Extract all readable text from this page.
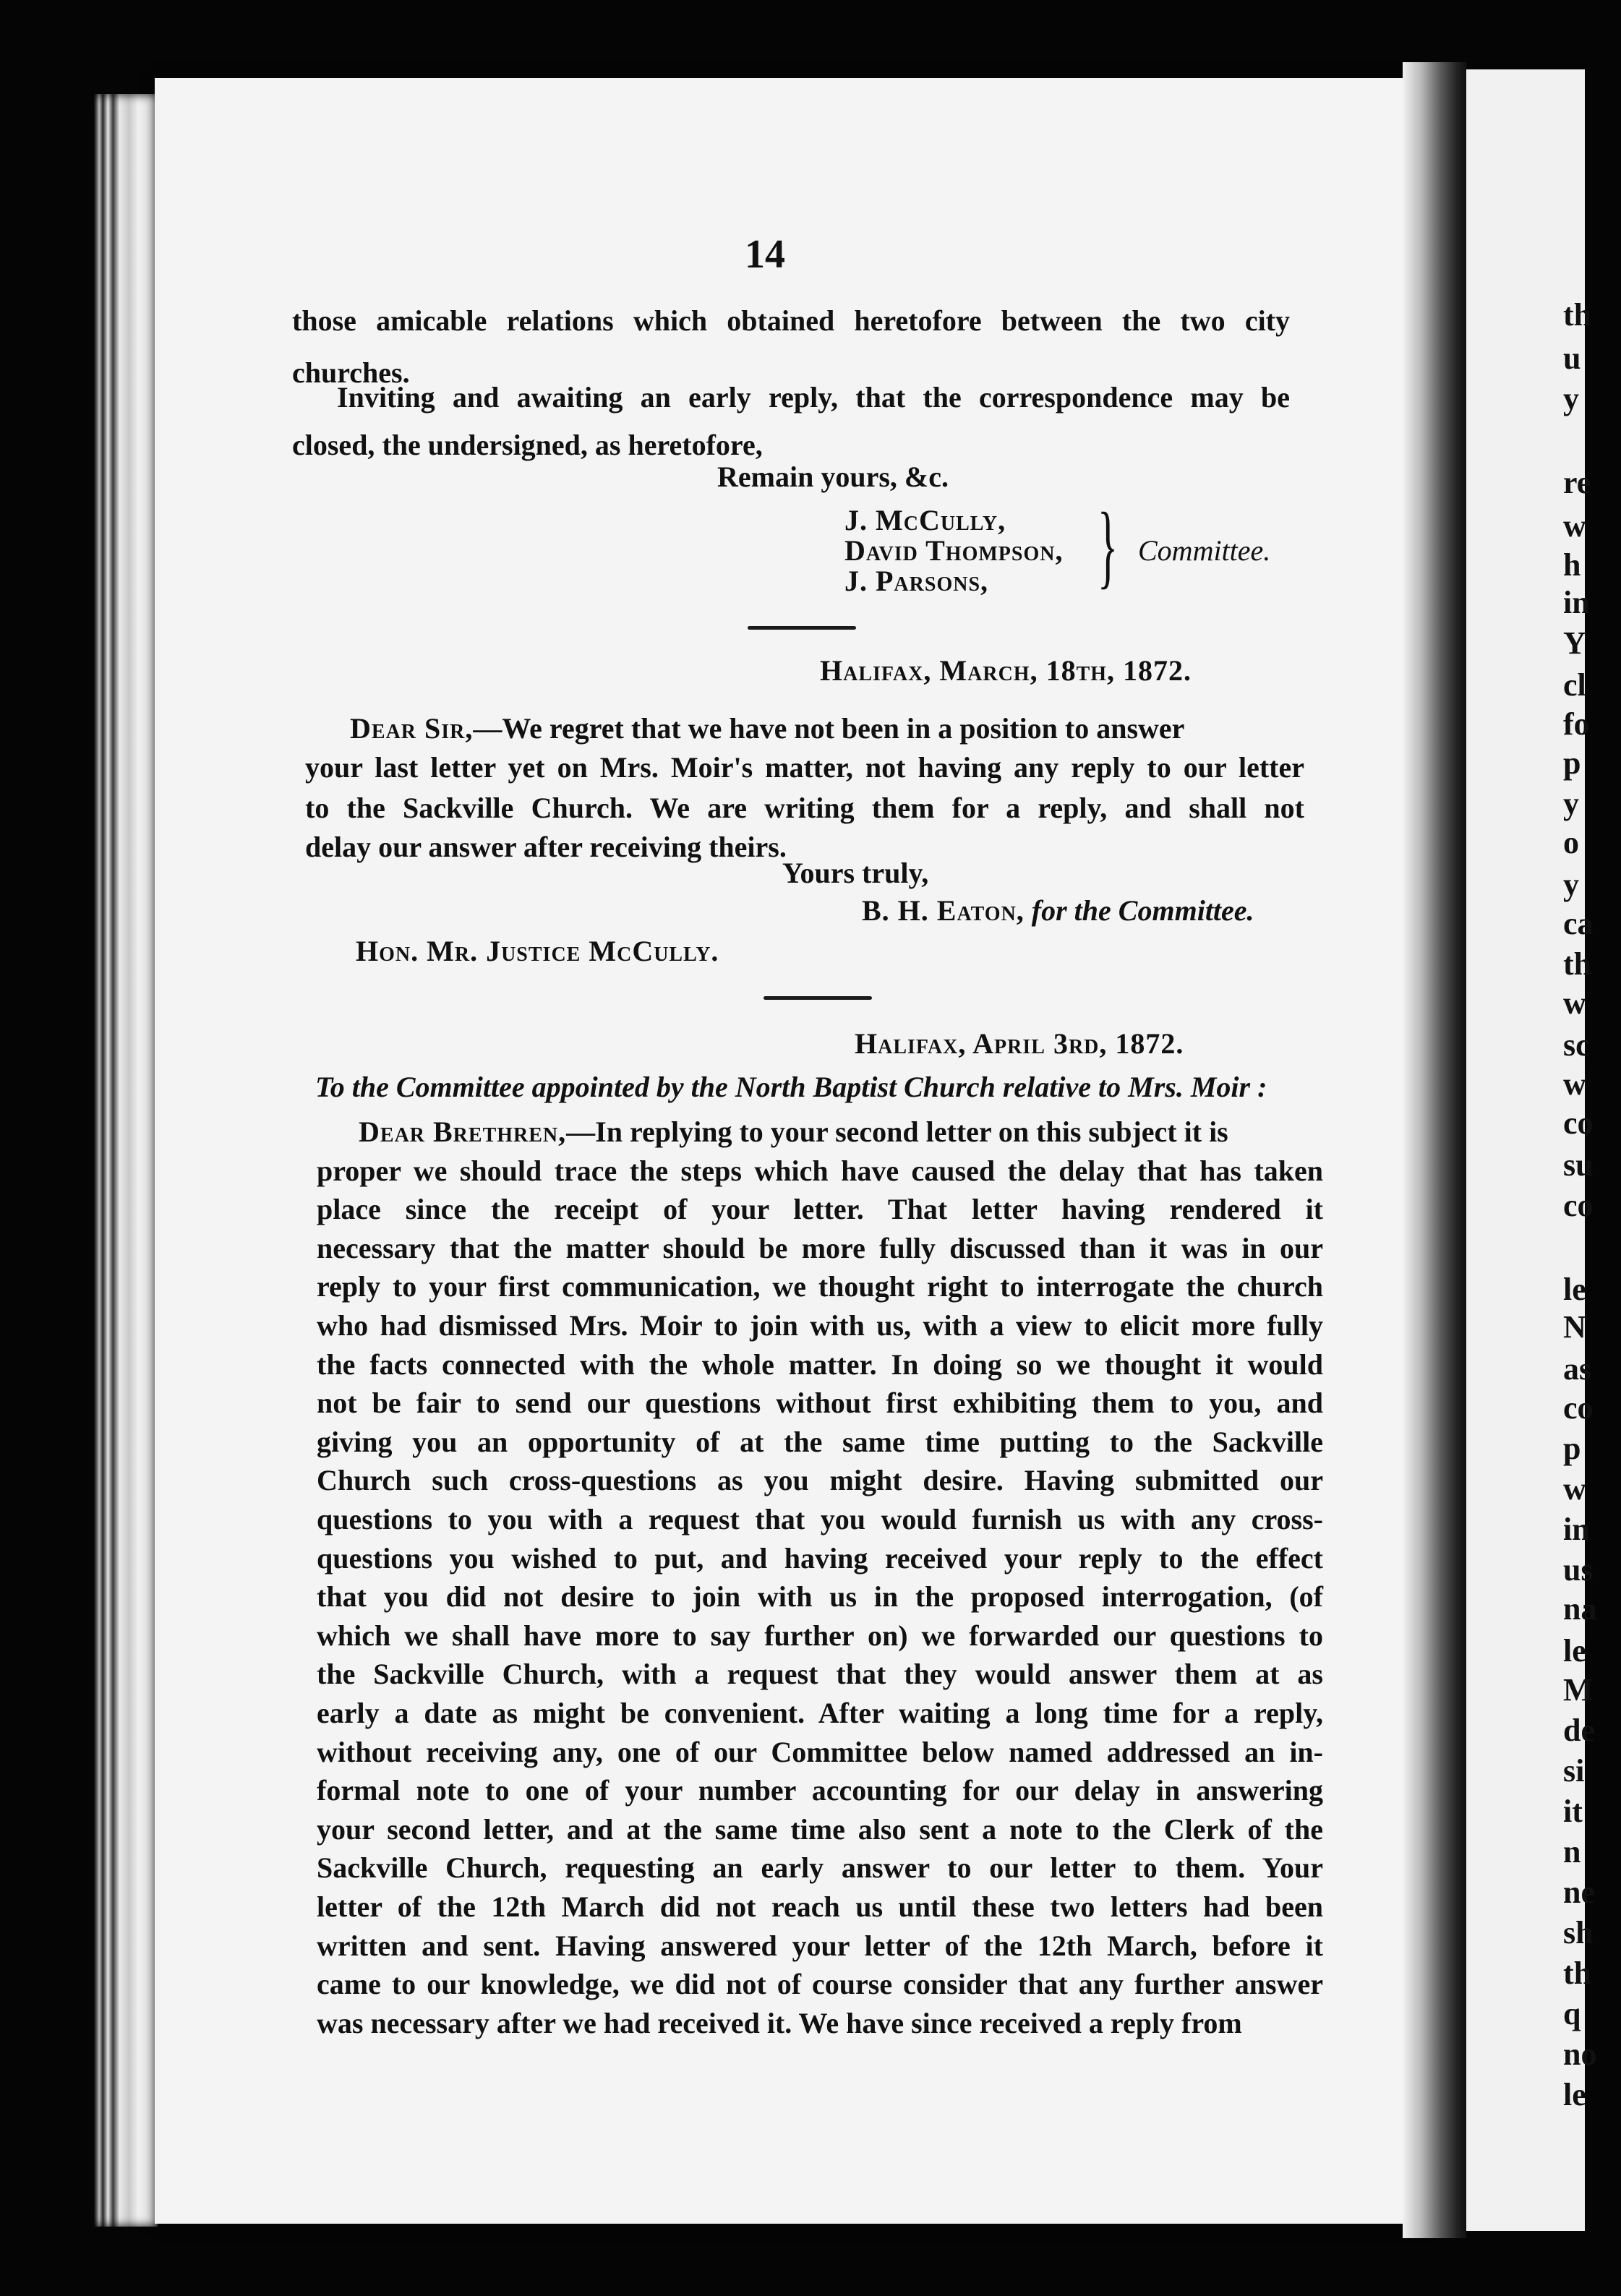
th
u
y
re
w
h
in
Y
cl
fo
p
y
o
y
ca
th
w
sc
w
co
su
co
le
N
as
co
p
w
in
us
na
le
M
de
si
it
n
ne
sh
th
q
no
le
14
those amicable relations which obtained heretofore between the two city
churches.
Inviting and awaiting an early reply, that the correspondence may be
closed, the undersigned, as heretofore,
Remain yours, &c.
J. McCully,
David Thompson,
J. Parsons, } Committee.
Halifax, March, 18th, 1872.
Dear Sir,—We regret that we have not been in a position to answer
your last letter yet on Mrs. Moir's matter, not having any reply to our letter
to the Sackville Church. We are writing them for a reply, and shall not
delay our answer after receiving theirs.
Yours truly,
B. H. Eaton, for the Committee.
Hon. Mr. Justice McCully.
Halifax, April 3rd, 1872.
To the Committee appointed by the North Baptist Church relative to Mrs. Moir :
Dear Brethren,—In replying to your second letter on this subject it is
proper we should trace the steps which have caused the delay that has taken
place since the receipt of your letter. That letter having rendered it
necessary that the matter should be more fully discussed than it was in our
reply to your first communication, we thought right to interrogate the church
who had dismissed Mrs. Moir to join with us, with a view to elicit more fully
the facts connected with the whole matter. In doing so we thought it would
not be fair to send our questions without first exhibiting them to you, and
giving you an opportunity of at the same time putting to the Sackville
Church such cross-questions as you might desire. Having submitted our
questions to you with a request that you would furnish us with any cross-
questions you wished to put, and having received your reply to the effect
that you did not desire to join with us in the proposed interrogation, (of
which we shall have more to say further on) we forwarded our questions to
the Sackville Church, with a request that they would answer them at as
early a date as might be convenient. After waiting a long time for a reply,
without receiving any, one of our Committee below named addressed an in-
formal note to one of your number accounting for our delay in answering
your second letter, and at the same time also sent a note to the Clerk of the
Sackville Church, requesting an early answer to our letter to them. Your
letter of the 12th March did not reach us until these two letters had been
written and sent. Having answered your letter of the 12th March, before it
came to our knowledge, we did not of course consider that any further answer
was necessary after we had received it. We have since received a reply from
